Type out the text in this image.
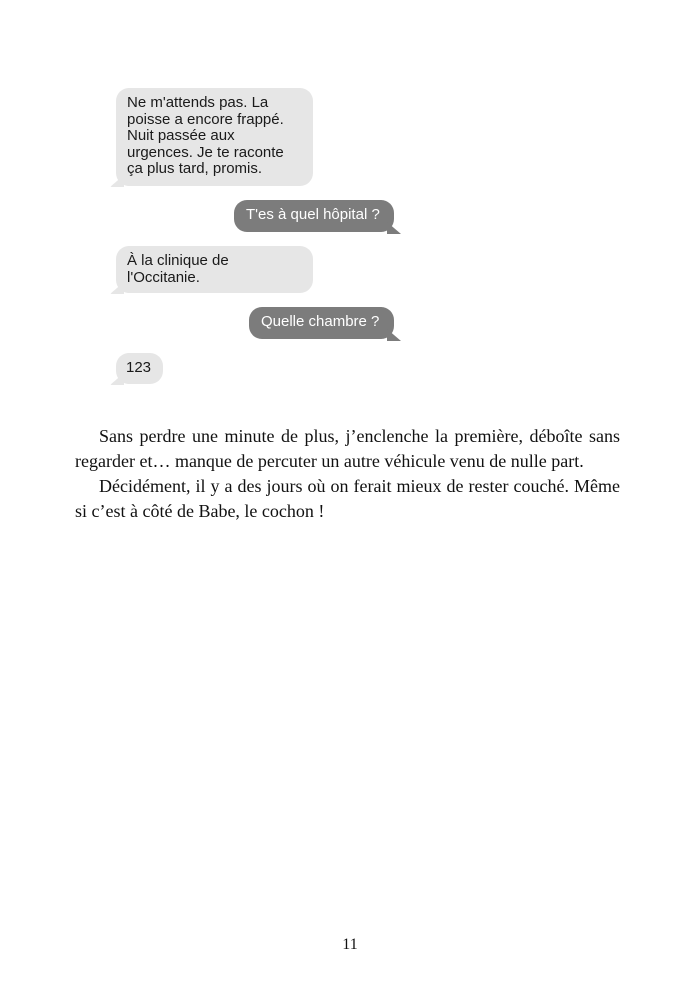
Ne m'attends pas. La
poisse a encore frappé.
Nuit passée aux
urgences. Je te raconte
ça plus tard, promis.
T'es à quel hôpital ?
À la clinique de
l'Occitanie.
Quelle chambre ?
123

Sans perdre une minute de plus, j’enclenche la première, déboîte sans regarder et… manque de percuter un autre véhicule venu de nulle part.

Décidément, il y a des jours où on ferait mieux de rester couché. Même si c’est à côté de Babe, le cochon !

11
